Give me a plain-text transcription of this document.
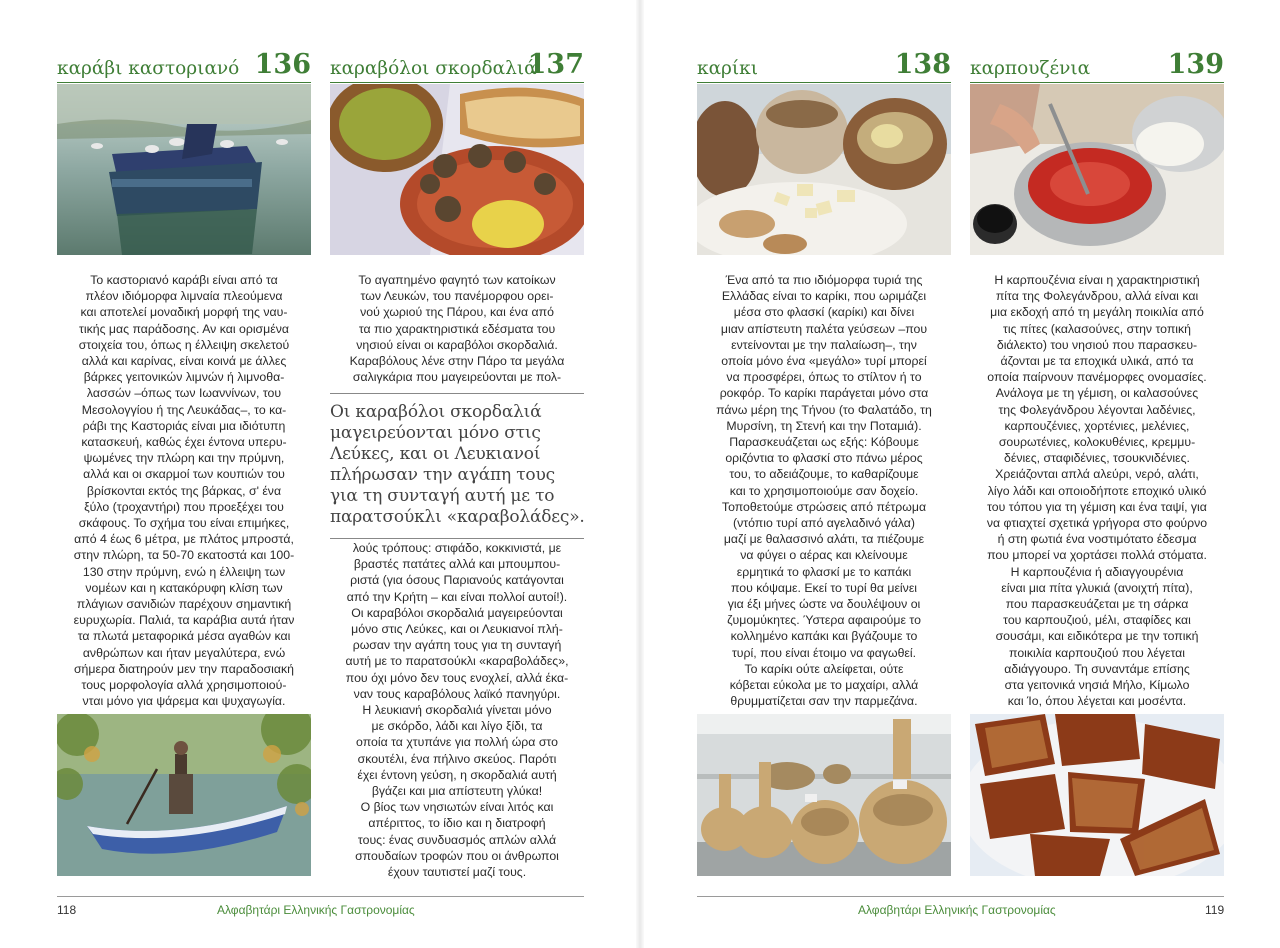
καράβι καστοριανό 136
Το καστοριανό καράβι είναι από τα
πλέον ιδιόμορφα λιμναία πλεούμενα
και αποτελεί μοναδική μορφή της ναυ-
τικής μας παράδοσης. Αν και ορισμένα
στοιχεία του, όπως η έλλειψη σκελετού
αλλά και καρίνας, είναι κοινά με άλλες
βάρκες γειτονικών λιμνών ή λιμνοθα-
λασσών –όπως των Ιωαννίνων, του
Μεσολογγίου ή της Λευκάδας–, το κα-
ράβι της Καστοριάς είναι μια ιδιότυπη
κατασκευή, καθώς έχει έντονα υπερυ-
ψωμένες την πλώρη και την πρύμνη,
αλλά και οι σκαρμοί των κουπιών του
βρίσκονται εκτός της βάρκας, σ' ένα
ξύλο (τροχαντήρι) που προεξέχει του
σκάφους. Το σχήμα του είναι επιμήκες,
από 4 έως 6 μέτρα, με πλάτος μπροστά,
στην πλώρη, τα 50-70 εκατοστά και 100-
130 στην πρύμνη, ενώ η έλλειψη των
νομέων και η κατακόρυφη κλίση των
πλάγιων σανιδιών παρέχουν σημαντική
ευρυχωρία. Παλιά, τα καράβια αυτά ήταν
τα πλωτά μεταφορικά μέσα αγαθών και
ανθρώπων και ήταν μεγαλύτερα, ενώ
σήμερα διατηρούν μεν την παραδοσιακή
τους μορφολογία αλλά χρησιμοποιού-
νται μόνο για ψάρεμα και ψυχαγωγία.
καραβόλοι σκορδαλιά
137
Το αγαπημένο φαγητό των κατοίκων
των Λευκών, του πανέμορφου ορει-
νού χωριού της Πάρου, και ένα από
τα πιο χαρακτηριστικά εδέσματα του
νησιού είναι οι καραβόλοι σκορδαλιά.
Καραβόλους λένε στην Πάρο τα μεγάλα
σαλιγκάρια που μαγειρεύονται με πολ-
Οι καραβόλοι σκορδαλιά
μαγειρεύονται μόνο στις
Λεύκες, και οι Λευκιανοί
πλήρωσαν την αγάπη τους
για τη συνταγή αυτή με το
παρατσούκλι «καραβολάδες».
λούς τρόπους: στιφάδο, κοκκινιστά, με
βραστές πατάτες αλλά και μπουμπου-
ριστά (για όσους Παριανούς κατάγονται
από την Κρήτη – και είναι πολλοί αυτοί!).
Οι καραβόλοι σκορδαλιά μαγειρεύονται
μόνο στις Λεύκες, και οι Λευκιανοί πλή-
ρωσαν την αγάπη τους για τη συνταγή
αυτή με το παρατσούκλι «καραβολάδες»,
που όχι μόνο δεν τους ενοχλεί, αλλά έκα-
ναν τους καραβόλους λαϊκό πανηγύρι.
Η λευκιανή σκορδαλιά γίνεται μόνο
με σκόρδο, λάδι και λίγο ξίδι, τα
οποία τα χτυπάνε για πολλή ώρα στο
σκουτέλι, ένα πήλινο σκεύος. Παρότι
έχει έντονη γεύση, η σκορδαλιά αυτή
βγάζει και μια απίστευτη γλύκα!
Ο βίος των νησιωτών είναι λιτός και
απέριττος, το ίδιο και η διατροφή
τους: ένας συνδυασμός απλών αλλά
σπουδαίων τροφών που οι άνθρωποι
έχουν ταυτιστεί μαζί τους.
καρίκι	138
Ένα από τα πιο ιδιόμορφα τυριά της
Ελλάδας είναι το καρίκι, που ωριμάζει
μέσα στο φλασκί (καρίκι) και δίνει
μιαν απίστευτη παλέτα γεύσεων –που
εντείνονται με την παλαίωση–, την
οποία μόνο ένα «μεγάλο» τυρί μπορεί
να προσφέρει, όπως το στίλτον ή το
ροκφόρ. Το καρίκι παράγεται μόνο στα
πάνω μέρη της Τήνου (το Φαλατάδο, τη
Μυρσίνη, τη Στενή και την Ποταμιά).
Παρασκευάζεται ως εξής: Κόβουμε
οριζόντια το φλασκί στο πάνω μέρος
του, το αδειάζουμε, το καθαρίζουμε
και το χρησιμοποιούμε σαν δοχείο.
Τοποθετούμε στρώσεις από πέτρωμα
(ντόπιο τυρί από αγελαδινό γάλα)
μαζί με θαλασσινό αλάτι, τα πιέζουμε
να φύγει ο αέρας και κλείνουμε
ερμητικά το φλασκί με το καπάκι
που κόψαμε. Εκεί το τυρί θα μείνει
για έξι μήνες ώστε να δουλέψουν οι
ζυμομύκητες. Ύστερα αφαιρούμε το
κολλημένο καπάκι και βγάζουμε το
τυρί, που είναι έτοιμο να φαγωθεί.
Το καρίκι ούτε αλείφεται, ούτε
κόβεται εύκολα με το μαχαίρι, αλλά
θρυμματίζεται σαν την παρμεζάνα.
καρπουζένια	139
Η καρπουζένια είναι η χαρακτηριστική
πίτα της Φολεγάνδρου, αλλά είναι και
μια εκδοχή από τη μεγάλη ποικιλία από
τις πίτες (καλασούνες, στην τοπική
διάλεκτο) του νησιού που παρασκευ-
άζονται με τα εποχικά υλικά, από τα
οποία παίρνουν πανέμορφες ονομασίες.
Ανάλογα με τη γέμιση, οι καλασούνες
της Φολεγάνδρου λέγονται λαδένιες,
καρπουζένιες, χορτένιες, μελένιες,
σουρωτένιες, κολοκυθένιες, κρεμμυ-
δένιες, σταφιδένιες, τσουκνιδένιες.
Χρειάζονται απλά αλεύρι, νερό, αλάτι,
λίγο λάδι και οποιοδήποτε εποχικό υλικό
του τόπου για τη γέμιση και ένα ταψί, για
να φτιαχτεί σχετικά γρήγορα στο φούρνο
ή στη φωτιά ένα νοστιμότατο έδεσμα
που μπορεί να χορτάσει πολλά στόματα.
Η καρπουζένια ή αδιαγγουρένια
είναι μια πίτα γλυκιά (ανοιχτή πίτα),
που παρασκευάζεται με τη σάρκα
του καρπουζιού, μέλι, σταφίδες και
σουσάμι, και ειδικότερα με την τοπική
ποικιλία καρπουζιού που λέγεται
αδιάγγουρο. Τη συναντάμε επίσης
στα γειτονικά νησιά Μήλο, Κίμωλο
και Ίο, όπου λέγεται και μοσέντα.
118	Αλφαβητάρι Ελληνικής Γαστρονομίας	Αλφαβητάρι Ελληνικής Γαστρονομίας	119
